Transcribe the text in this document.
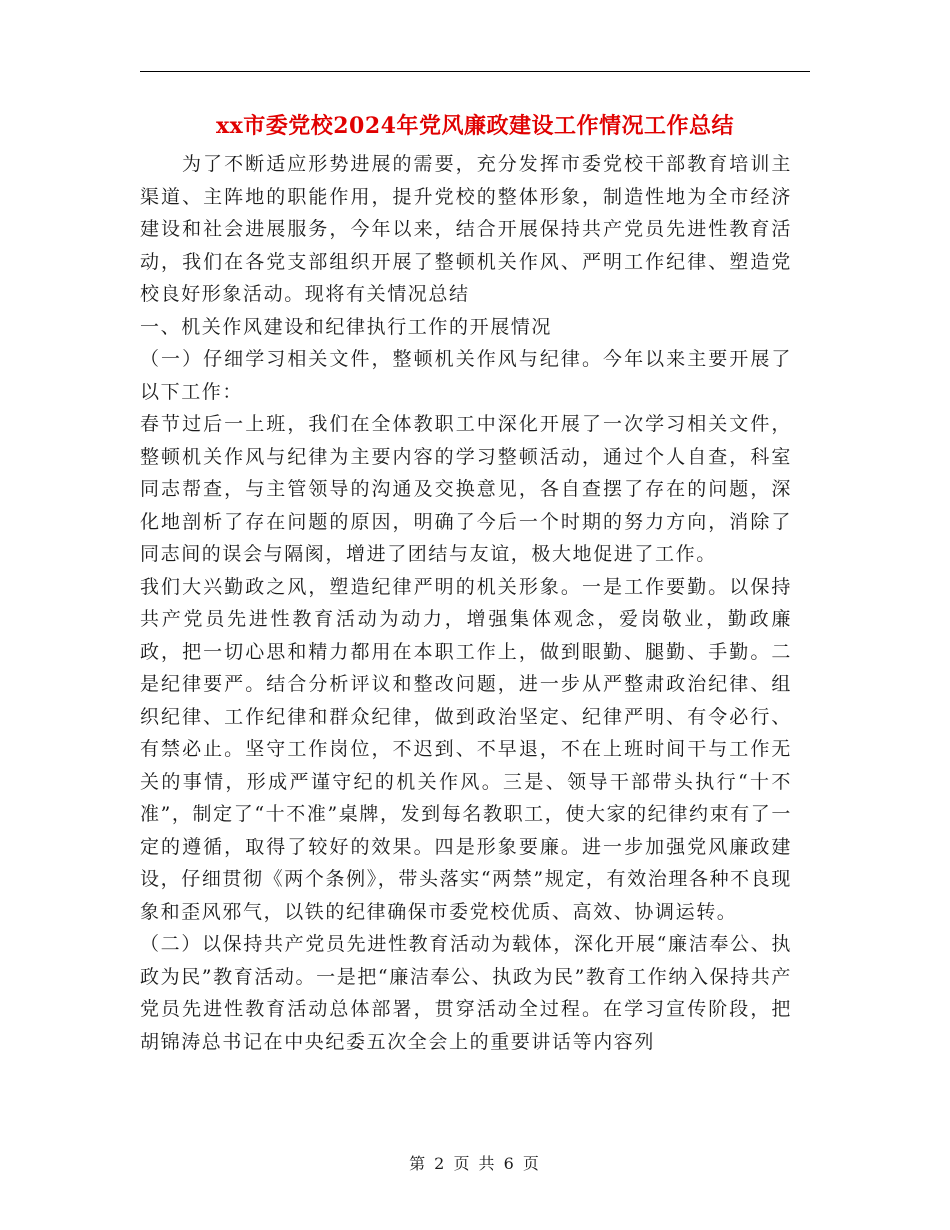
xx市委党校2024年党风廉政建设工作情况工作总结

为了不断适应形势进展的需要，充分发挥市委党校干部教育培训主渠道、主阵地的职能作用，提升党校的整体形象，制造性地为全市经济建设和社会进展服务，今年以来，结合开展保持共产党员先进性教育活动，我们在各党支部组织开展了整顿机关作风、严明工作纪律、塑造党校良好形象活动。现将有关情况总结

一、机关作风建设和纪律执行工作的开展情况

（一）仔细学习相关文件，整顿机关作风与纪律。今年以来主要开展了以下工作：

春节过后一上班，我们在全体教职工中深化开展了一次学习相关文件，整顿机关作风与纪律为主要内容的学习整顿活动，通过个人自查，科室同志帮查，与主管领导的沟通及交换意见，各自查摆了存在的问题，深化地剖析了存在问题的原因，明确了今后一个时期的努力方向，消除了同志间的误会与隔阂，增进了团结与友谊，极大地促进了工作。

我们大兴勤政之风，塑造纪律严明的机关形象。一是工作要勤。以保持共产党员先进性教育活动为动力，增强集体观念，爱岗敬业，勤政廉政，把一切心思和精力都用在本职工作上，做到眼勤、腿勤、手勤。二是纪律要严。结合分析评议和整改问题，进一步从严整肃政治纪律、组织纪律、工作纪律和群众纪律，做到政治坚定、纪律严明、有令必行、有禁必止。坚守工作岗位，不迟到、不早退，不在上班时间干与工作无关的事情，形成严谨守纪的机关作风。三是、领导干部带头执行“十不准”，制定了“十不准”桌牌，发到每名教职工，使大家的纪律约束有了一定的遵循，取得了较好的效果。四是形象要廉。进一步加强党风廉政建设，仔细贯彻《两个条例》，带头落实“两禁”规定，有效治理各种不良现象和歪风邪气，以铁的纪律确保市委党校优质、高效、协调运转。

（二）以保持共产党员先进性教育活动为载体，深化开展“廉洁奉公、执政为民”教育活动。一是把“廉洁奉公、执政为民”教育工作纳入保持共产党员先进性教育活动总体部署，贯穿活动全过程。在学习宣传阶段，把胡锦涛总书记在中央纪委五次全会上的重要讲话等内容列

第 2 页 共 6 页
